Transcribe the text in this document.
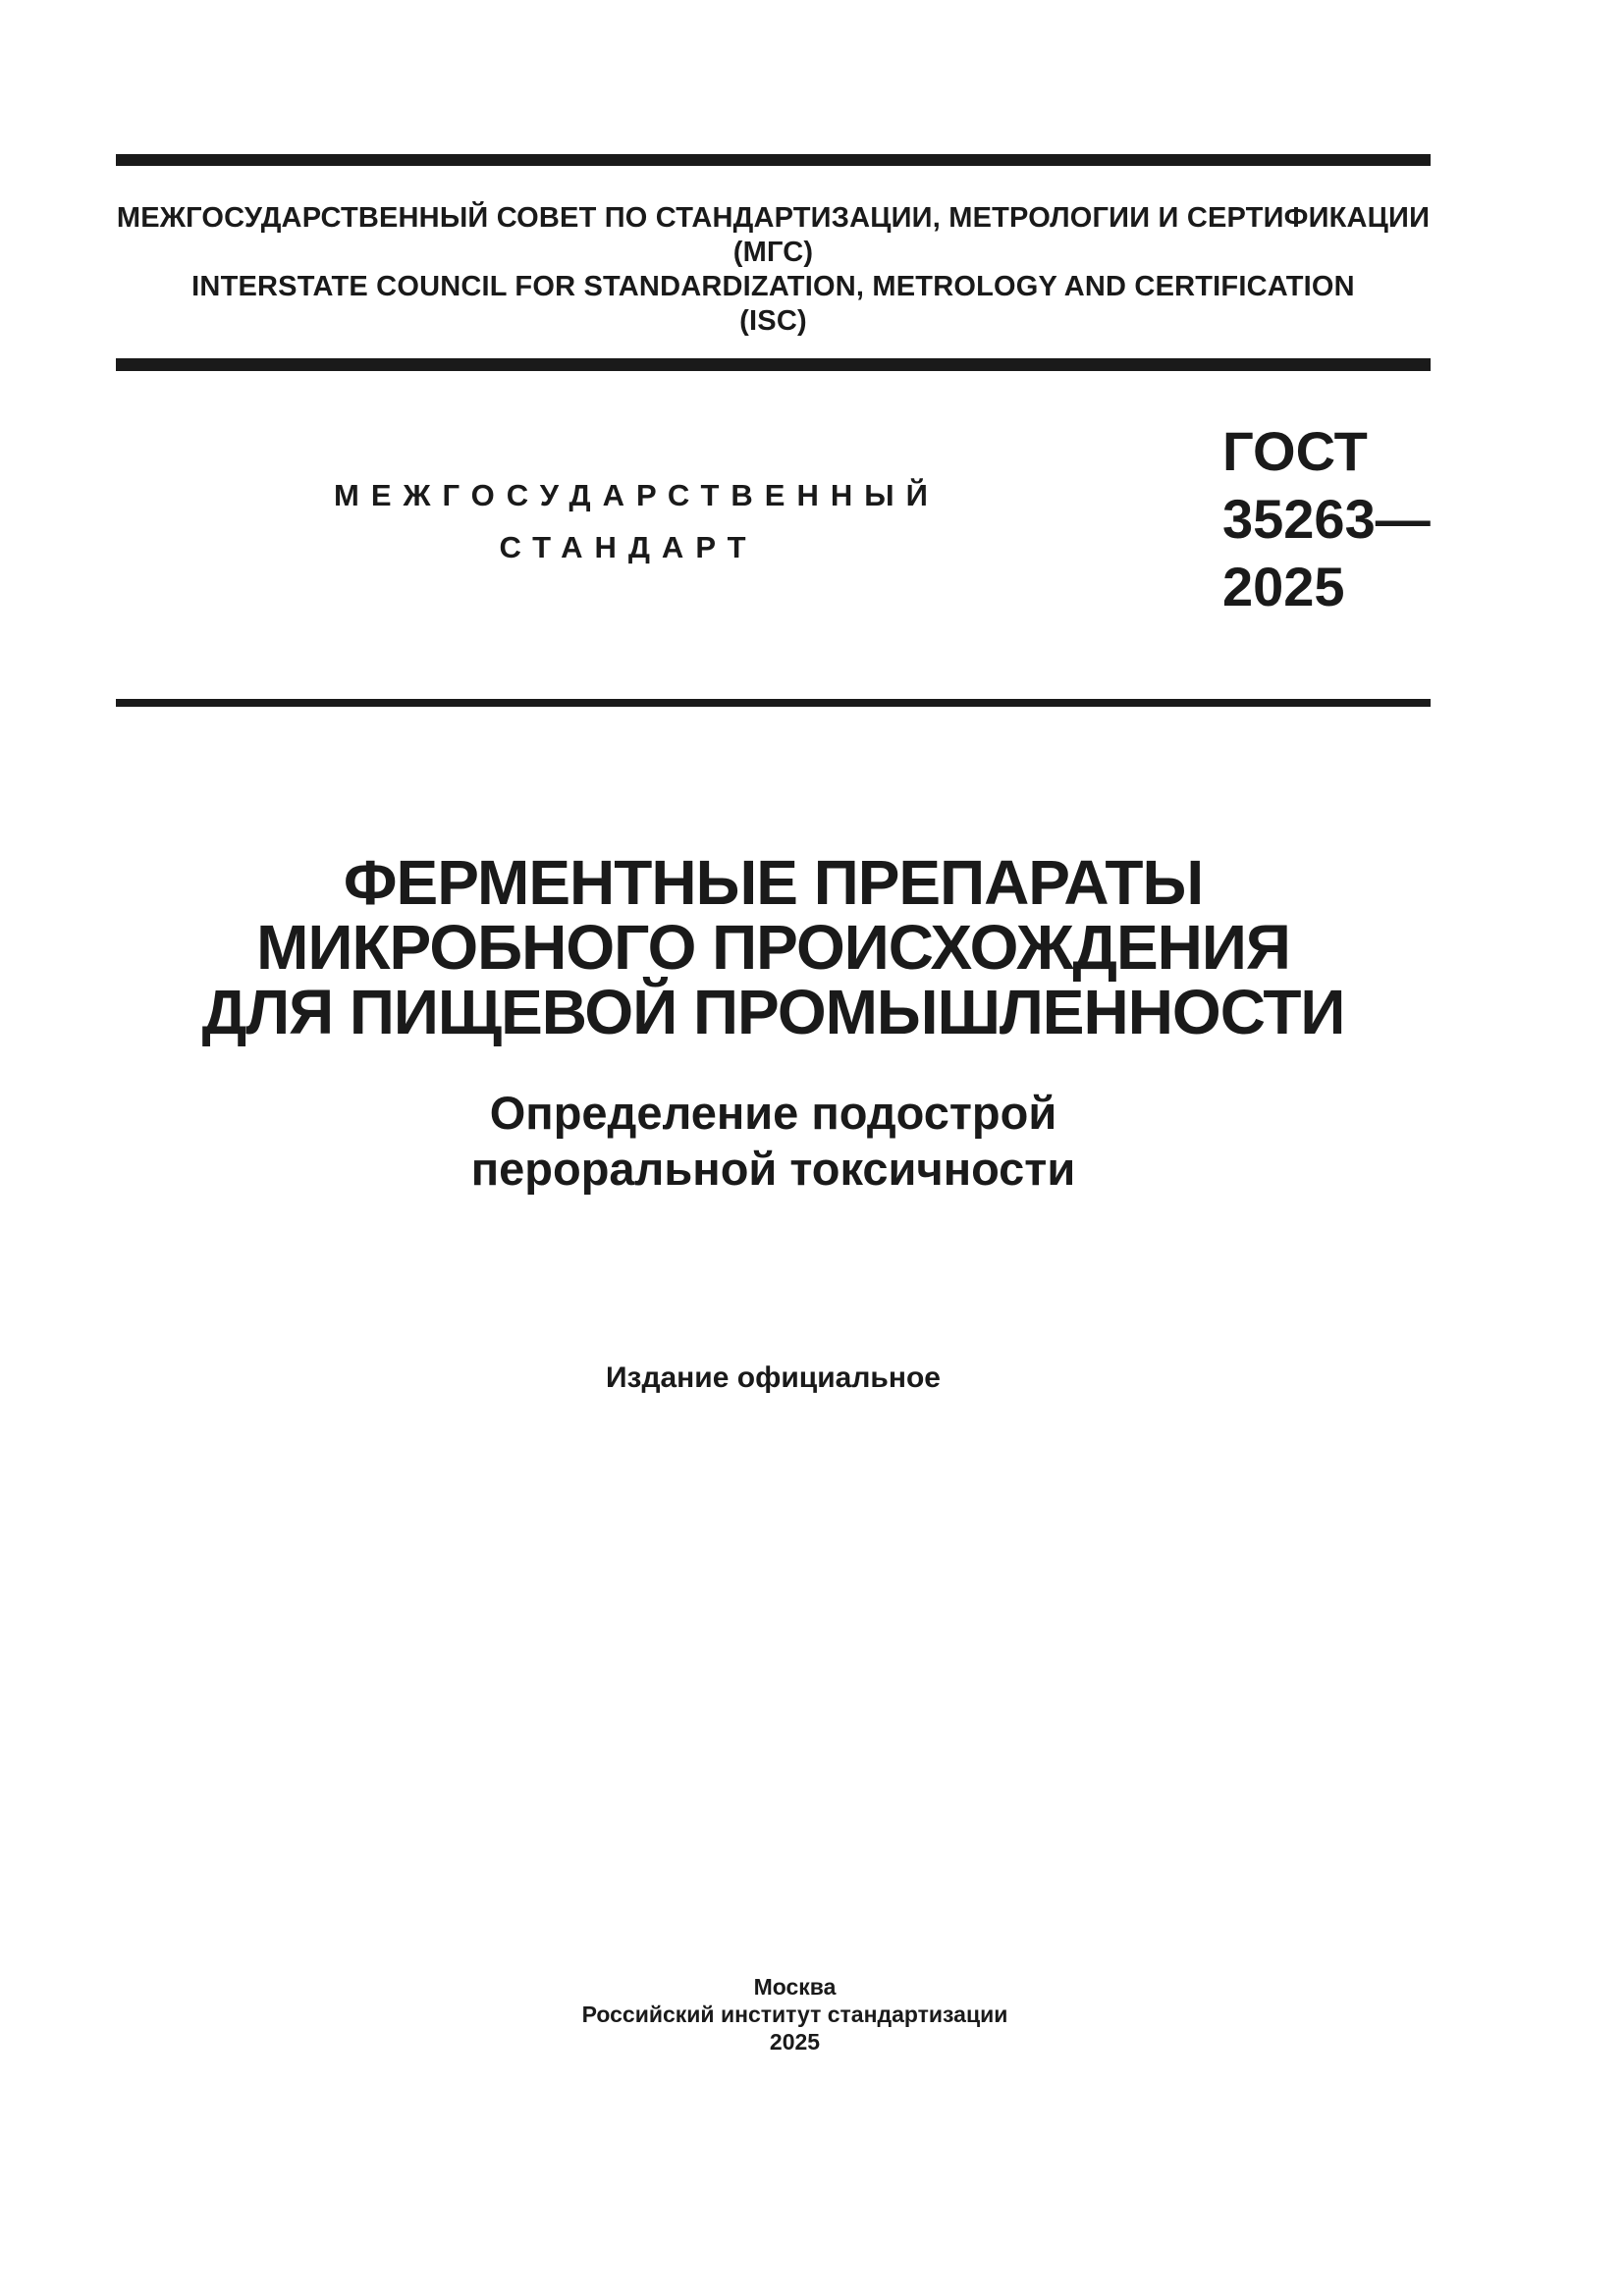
МЕЖГОСУДАРСТВЕННЫЙ СОВЕТ ПО СТАНДАРТИЗАЦИИ, МЕТРОЛОГИИ И СЕРТИФИКАЦИИ
(МГС)
INTERSTATE COUNCIL FOR STANDARDIZATION, METROLOGY AND CERTIFICATION
(ISC)
МЕЖГОСУДАРСТВЕННЫЙ
СТАНДАРТ
ГОСТ
35263—
2025
ФЕРМЕНТНЫЕ ПРЕПАРАТЫ
МИКРОБНОГО ПРОИСХОЖДЕНИЯ
ДЛЯ ПИЩЕВОЙ ПРОМЫШЛЕННОСТИ
Определение подострой
пероральной токсичности
Издание официальное
Москва
Российский институт стандартизации
2025
